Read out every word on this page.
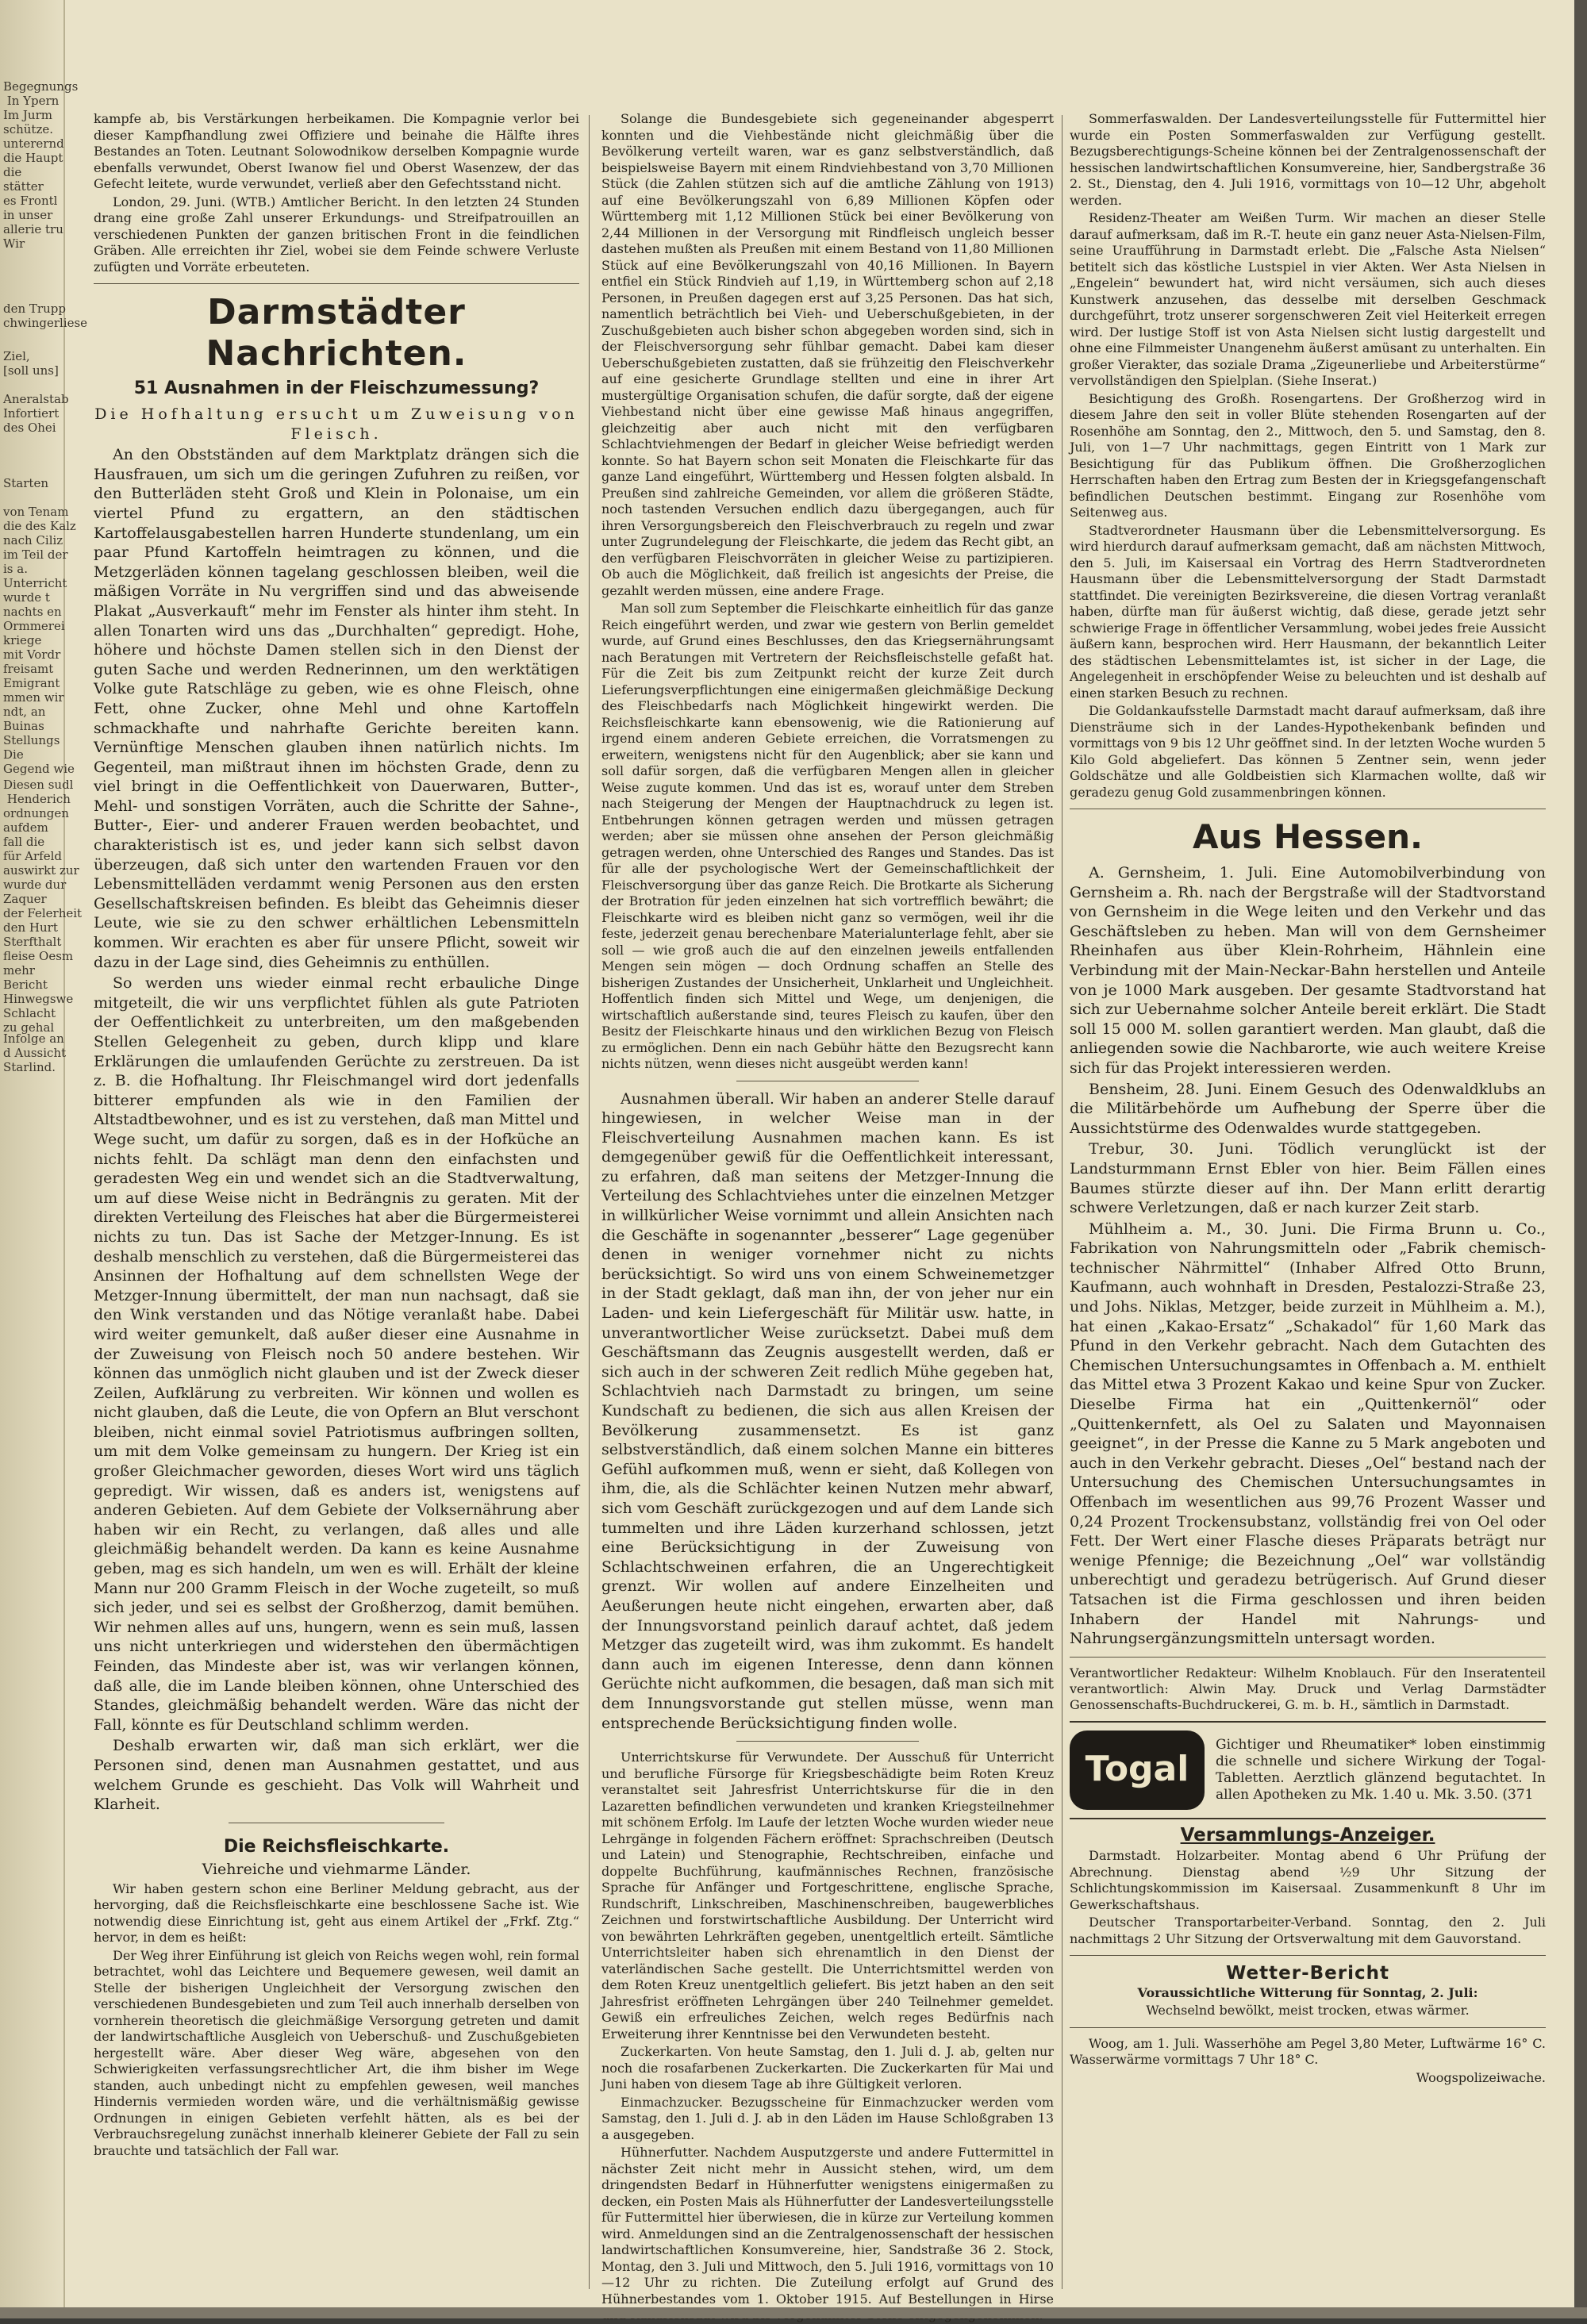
Begegnungs
In Ypern
Im Jurm
schütze.
unterernd
die Haupt
die
stätter
es Frontl
in unser
allerie tru
Wir
den Trupp
chwingerliese
Ziel,
[soll uns]

Aneralstab
Infortiert
des Ohei
Starten

von Tenam
die des Kalz
nach Ciliz
im Teil der
is a.
Unterricht
wurde t
nachts en
Ormmerei
kriege
mit Vordr
freisamt
Emigrant
mmen wir
ndt, an
Buinas
Stellungs
Die
Gegend wie
Diesen sudl
Henderich
ordnungen
aufdem
fall die
für Arfeld
auswirkt zur
wurde dur
Zaquer
der Felerheit
den Hurt
Sterfthalt
fleise Oesm
mehr
Bericht
Hinwegswe
Schlacht
zu gehal
Infolge an
d Aussicht
Starlind.

kampfe ab, bis Verstärkungen herbeikamen. Die Kompagnie verlor bei dieser Kampfhandlung zwei Offiziere und beinahe die Hälfte ihres Bestandes an Toten. Leutnant Solowodnikow derselben Kompagnie wurde ebenfalls verwundet, Oberst Iwanow fiel und Oberst Wasenzew, der das Gefecht leitete, wurde verwundet, verließ aber den Gefechtsstand nicht.

London, 29. Juni. (WTB.) Amtlicher Bericht. In den letzten 24 Stunden drang eine große Zahl unserer Erkundungs- und Streifpatrouillen an verschiedenen Punkten der ganzen britischen Front in die feindlichen Gräben. Alle erreichten ihr Ziel, wobei sie dem Feinde schwere Verluste zufügten und Vorräte erbeuteten.

Darmstädter Nachrichten.
51 Ausnahmen in der Fleischzumessung?

Die Hofhaltung ersucht um Zuweisung von Fleisch.

An den Obstständen auf dem Marktplatz drängen sich die Hausfrauen, um sich um die geringen Zufuhren zu reißen, vor den Butterläden steht Groß und Klein in Polonaise, um ein viertel Pfund zu ergattern, an den städtischen Kartoffelausgabestellen harren Hunderte stundenlang, um ein paar Pfund Kartoffeln heimtragen zu können, und die Metzgerläden können tagelang geschlossen bleiben, weil die mäßigen Vorräte in Nu vergriffen sind und das abweisende Plakat „Ausverkauft“ mehr im Fenster als hinter ihm steht. In allen Tonarten wird uns das „Durchhalten“ gepredigt. Hohe, höhere und höchste Damen stellen sich in den Dienst der guten Sache und werden Rednerinnen, um den werktätigen Volke gute Ratschläge zu geben, wie es ohne Fleisch, ohne Fett, ohne Zucker, ohne Mehl und ohne Kartoffeln schmackhafte und nahrhafte Gerichte bereiten kann. Vernünftige Menschen glauben ihnen natürlich nichts. Im Gegenteil, man mißtraut ihnen im höchsten Grade, denn zu viel bringt in die Oeffentlichkeit von Dauerwaren, Butter-, Mehl- und sonstigen Vorräten, auch die Schritte der Sahne-, Butter-, Eier- und anderer Frauen werden beobachtet, und charakteristisch ist es, und jeder kann sich selbst davon überzeugen, daß sich unter den wartenden Frauen vor den Lebensmittelläden verdammt wenig Personen aus den ersten Gesellschaftskreisen befinden. Es bleibt das Geheimnis dieser Leute, wie sie zu den schwer erhältlichen Lebensmitteln kommen. Wir erachten es aber für unsere Pflicht, soweit wir dazu in der Lage sind, dies Geheimnis zu enthüllen.

So werden uns wieder einmal recht erbauliche Dinge mitgeteilt, die wir uns verpflichtet fühlen als gute Patrioten der Oeffentlichkeit zu unterbreiten, um den maßgebenden Stellen Gelegenheit zu geben, durch klipp und klare Erklärungen die umlaufenden Gerüchte zu zerstreuen. Da ist z. B. die Hofhaltung. Ihr Fleischmangel wird dort jedenfalls bitterer empfunden als wie in den Familien der Altstadtbewohner, und es ist zu verstehen, daß man Mittel und Wege sucht, um dafür zu sorgen, daß es in der Hofküche an nichts fehlt. Da schlägt man denn den einfachsten und geradesten Weg ein und wendet sich an die Stadtverwaltung, um auf diese Weise nicht in Bedrängnis zu geraten. Mit der direkten Verteilung des Fleisches hat aber die Bürgermeisterei nichts zu tun. Das ist Sache der Metzger-Innung. Es ist deshalb menschlich zu verstehen, daß die Bürgermeisterei das Ansinnen der Hofhaltung auf dem schnellsten Wege der Metzger-Innung übermittelt, der man nun nachsagt, daß sie den Wink verstanden und das Nötige veranlaßt habe. Dabei wird weiter gemunkelt, daß außer dieser eine Ausnahme in der Zuweisung von Fleisch noch 50 andere bestehen. Wir können das unmöglich nicht glauben und ist der Zweck dieser Zeilen, Aufklärung zu verbreiten. Wir können und wollen es nicht glauben, daß die Leute, die von Opfern an Blut verschont bleiben, nicht einmal soviel Patriotismus aufbringen sollten, um mit dem Volke gemeinsam zu hungern. Der Krieg ist ein großer Gleichmacher geworden, dieses Wort wird uns täglich gepredigt. Wir wissen, daß es anders ist, wenigstens auf anderen Gebieten. Auf dem Gebiete der Volksernährung aber haben wir ein Recht, zu verlangen, daß alles und alle gleichmäßig behandelt werden. Da kann es keine Ausnahme geben, mag es sich handeln, um wen es will. Erhält der kleine Mann nur 200 Gramm Fleisch in der Woche zugeteilt, so muß sich jeder, und sei es selbst der Großherzog, damit bemühen. Wir nehmen alles auf uns, hungern, wenn es sein muß, lassen uns nicht unterkriegen und widerstehen den übermächtigen Feinden, das Mindeste aber ist, was wir verlangen können, daß alle, die im Lande bleiben können, ohne Unterschied des Standes, gleichmäßig behandelt werden. Wäre das nicht der Fall, könnte es für Deutschland schlimm werden.

Deshalb erwarten wir, daß man sich erklärt, wer die Personen sind, denen man Ausnahmen gestattet, und aus welchem Grunde es geschieht. Das Volk will Wahrheit und Klarheit.

Die Reichsfleischkarte.

Viehreiche und viehmarme Länder.

Wir haben gestern schon eine Berliner Meldung gebracht, aus der hervorging, daß die Reichsfleischkarte eine beschlossene Sache ist. Wie notwendig diese Einrichtung ist, geht aus einem Artikel der „Frkf. Ztg.“ hervor, in dem es heißt:

Der Weg ihrer Einführung ist gleich von Reichs wegen wohl, rein formal betrachtet, wohl das Leichtere und Bequemere gewesen, weil damit an Stelle der bisherigen Ungleichheit der Versorgung zwischen den verschiedenen Bundesgebieten und zum Teil auch innerhalb derselben von vornherein theoretisch die gleichmäßige Versorgung getreten und damit der landwirtschaftliche Ausgleich von Ueberschuß- und Zuschußgebieten hergestellt wäre. Aber dieser Weg wäre, abgesehen von den Schwierigkeiten verfassungsrechtlicher Art, die ihm bisher im Wege standen, auch unbedingt nicht zu empfehlen gewesen, weil manches Hindernis vermieden worden wäre, und die verhältnismäßig gewisse Ordnungen in einigen Gebieten verfehlt hätten, als es bei der Verbrauchsregelung zunächst innerhalb kleinerer Gebiete der Fall zu sein brauchte und tatsächlich der Fall war.

Solange die Bundesgebiete sich gegeneinander abgesperrt konnten und die Viehbestände nicht gleichmäßig über die Bevölkerung verteilt waren, war es ganz selbstverständlich, daß beispielsweise Bayern mit einem Rindviehbestand von 3,70 Millionen Stück (die Zahlen stützen sich auf die amtliche Zählung von 1913) auf eine Bevölkerungszahl von 6,89 Millionen Köpfen oder Württemberg mit 1,12 Millionen Stück bei einer Bevölkerung von 2,44 Millionen in der Versorgung mit Rindfleisch ungleich besser dastehen mußten als Preußen mit einem Bestand von 11,80 Millionen Stück auf eine Bevölkerungszahl von 40,16 Millionen. In Bayern entfiel ein Stück Rindvieh auf 1,19, in Württemberg schon auf 2,18 Personen, in Preußen dagegen erst auf 3,25 Personen. Das hat sich, namentlich beträchtlich bei Vieh- und Ueberschußgebieten, in der Zuschußgebieten auch bisher schon abgegeben worden sind, sich in der Fleischversorgung sehr fühlbar gemacht. Dabei kam dieser Ueberschußgebieten zustatten, daß sie frühzeitig den Fleischverkehr auf eine gesicherte Grundlage stellten und eine in ihrer Art mustergültige Organisation schufen, die dafür sorgte, daß der eigene Viehbestand nicht über eine gewisse Maß hinaus angegriffen, gleichzeitig aber auch nicht mit den verfügbaren Schlachtviehmengen der Bedarf in gleicher Weise befriedigt werden konnte. So hat Bayern schon seit Monaten die Fleischkarte für das ganze Land eingeführt, Württemberg und Hessen folgten alsbald. In Preußen sind zahlreiche Gemeinden, vor allem die größeren Städte, noch tastenden Versuchen endlich dazu übergegangen, auch für ihren Versorgungsbereich den Fleischverbrauch zu regeln und zwar unter Zugrundelegung der Fleischkarte, die jedem das Recht gibt, an den verfügbaren Fleischvorräten in gleicher Weise zu partizipieren. Ob auch die Möglichkeit, daß freilich ist angesichts der Preise, die gezahlt werden müssen, eine andere Frage.

Man soll zum September die Fleischkarte einheitlich für das ganze Reich eingeführt werden, und zwar wie gestern von Berlin gemeldet wurde, auf Grund eines Beschlusses, den das Kriegsernährungsamt nach Beratungen mit Vertretern der Reichsfleischstelle gefaßt hat. Für die Zeit bis zum Zeitpunkt reicht der kurze Zeit durch Lieferungsverpflichtungen eine einigermaßen gleichmäßige Deckung des Fleischbedarfs nach Möglichkeit hingewirkt werden. Die Reichsfleischkarte kann ebensowenig, wie die Rationierung auf irgend einem anderen Gebiete erreichen, die Vorratsmengen zu erweitern, wenigstens nicht für den Augenblick; aber sie kann und soll dafür sorgen, daß die verfügbaren Mengen allen in gleicher Weise zugute kommen. Und das ist es, worauf unter dem Streben nach Steigerung der Mengen der Hauptnachdruck zu legen ist. Entbehrungen können getragen werden und müssen getragen werden; aber sie müssen ohne ansehen der Person gleichmäßig getragen werden, ohne Unterschied des Ranges und Standes. Das ist für alle der psychologische Wert der Gemeinschaftlichkeit der Fleischversorgung über das ganze Reich. Die Brotkarte als Sicherung der Brotration für jeden einzelnen hat sich vortrefflich bewährt; die Fleischkarte wird es bleiben nicht ganz so vermögen, weil ihr die feste, jederzeit genau berechenbare Materialunterlage fehlt, aber sie soll — wie groß auch die auf den einzelnen jeweils entfallenden Mengen sein mögen — doch Ordnung schaffen an Stelle des bisherigen Zustandes der Unsicherheit, Unklarheit und Ungleichheit. Hoffentlich finden sich Mittel und Wege, um denjenigen, die wirtschaftlich außerstande sind, teures Fleisch zu kaufen, über den Besitz der Fleischkarte hinaus und den wirklichen Bezug von Fleisch zu ermöglichen. Denn ein nach Gebühr hätte den Bezugsrecht kann nichts nützen, wenn dieses nicht ausgeübt werden kann!

Ausnahmen überall. Wir haben an anderer Stelle darauf hingewiesen, in welcher Weise man in der Fleischverteilung Ausnahmen machen kann. Es ist demgegenüber gewiß für die Oeffentlichkeit interessant, zu erfahren, daß man seitens der Metzger-Innung die Verteilung des Schlachtviehes unter die einzelnen Metzger in willkürlicher Weise vornimmt und allein Ansichten nach die Geschäfte in sogenannter „besserer“ Lage gegenüber denen in weniger vornehmer nicht zu nichts berücksichtigt. So wird uns von einem Schweinemetzger in der Stadt geklagt, daß man ihn, der von jeher nur ein Laden- und kein Liefergeschäft für Militär usw. hatte, in unverantwortlicher Weise zurücksetzt. Dabei muß dem Geschäftsmann das Zeugnis ausgestellt werden, daß er sich auch in der schweren Zeit redlich Mühe gegeben hat, Schlachtvieh nach Darmstadt zu bringen, um seine Kundschaft zu bedienen, die sich aus allen Kreisen der Bevölkerung zusammensetzt. Es ist ganz selbstverständlich, daß einem solchen Manne ein bitteres Gefühl aufkommen muß, wenn er sieht, daß Kollegen von ihm, die, als die Schlächter keinen Nutzen mehr abwarf, sich vom Geschäft zurückgezogen und auf dem Lande sich tummelten und ihre Läden kurzerhand schlossen, jetzt eine Berücksichtigung in der Zuweisung von Schlachtschweinen erfahren, die an Ungerechtigkeit grenzt. Wir wollen auf andere Einzelheiten und Aeußerungen heute nicht eingehen, erwarten aber, daß der Innungsvorstand peinlich darauf achtet, daß jedem Metzger das zugeteilt wird, was ihm zukommt. Es handelt dann auch im eigenen Interesse, denn dann können Gerüchte nicht aufkommen, die besagen, daß man sich mit dem Innungsvorstande gut stellen müsse, wenn man entsprechende Berücksichtigung finden wolle.

Unterrichtskurse für Verwundete. Der Ausschuß für Unterricht und berufliche Fürsorge für Kriegsbeschädigte beim Roten Kreuz veranstaltet seit Jahresfrist Unterrichtskurse für die in den Lazaretten befindlichen verwundeten und kranken Kriegsteilnehmer mit schönem Erfolg. Im Laufe der letzten Woche wurden wieder neue Lehrgänge in folgenden Fächern eröffnet: Sprachschreiben (Deutsch und Latein) und Stenographie, Rechtschreiben, einfache und doppelte Buchführung, kaufmännisches Rechnen, französische Sprache für Anfänger und Fortgeschrittene, englische Sprache, Rundschrift, Linkschreiben, Maschinenschreiben, baugewerbliches Zeichnen und forstwirtschaftliche Ausbildung. Der Unterricht wird von bewährten Lehrkräften gegeben, unentgeltlich erteilt. Sämtliche Unterrichtsleiter haben sich ehrenamtlich in den Dienst der vaterländischen Sache gestellt. Die Unterrichtsmittel werden von dem Roten Kreuz unentgeltlich geliefert. Bis jetzt haben an den seit Jahresfrist eröffneten Lehrgängen über 240 Teilnehmer gemeldet. Gewiß ein erfreuliches Zeichen, welch reges Bedürfnis nach Erweiterung ihrer Kenntnisse bei den Verwundeten besteht.

Zuckerkarten. Von heute Samstag, den 1. Juli d. J. ab, gelten nur noch die rosafarbenen Zuckerkarten. Die Zuckerkarten für Mai und Juni haben von diesem Tage ab ihre Gültigkeit verloren.

Einmachzucker. Bezugsscheine für Einmachzucker werden vom Samstag, den 1. Juli d. J. ab in den Läden im Hause Schloßgraben 13 a ausgegeben.

Hühnerfutter. Nachdem Ausputzgerste und andere Futtermittel in nächster Zeit nicht mehr in Aussicht stehen, wird, um dem dringendsten Bedarf in Hühnerfutter wenigstens einigermaßen zu decken, ein Posten Mais als Hühnerfutter der Landesverteilungsstelle für Futtermittel hier überwiesen, die in kürze zur Verteilung kommen wird. Anmeldungen sind an die Zentralgenossenschaft der hessischen landwirtschaftlichen Konsumvereine, hier, Sandstraße 36 2. Stock, Montag, den 3. Juli und Mittwoch, den 5. Juli 1916, vormittags von 10—12 Uhr zu richten. Die Zuteilung erfolgt auf Grund des Hühnerbestandes vom 1. Oktober 1915. Auf Bestellungen in Hirse

Sommerfaswalden. Der Landesverteilungsstelle für Futtermittel hier wurde ein Posten Sommerfaswalden zur Verfügung gestellt. Bezugsberechtigungs-Scheine können bei der Zentralgenossenschaft der hessischen landwirtschaftlichen Konsumvereine, hier, Sandbergstraße 36 2. St., Dienstag, den 4. Juli 1916, vormittags von 10—12 Uhr, abgeholt werden.

Residenz-Theater am Weißen Turm. Wir machen an dieser Stelle darauf aufmerksam, daß im R.-T. heute ein ganz neuer Asta-Nielsen-Film, seine Uraufführung in Darmstadt erlebt. Die „Falsche Asta Nielsen“ betitelt sich das köstliche Lustspiel in vier Akten. Wer Asta Nielsen in „Engelein“ bewundert hat, wird nicht versäumen, sich auch dieses Kunstwerk anzusehen, das desselbe mit derselben Geschmack durchgeführt, trotz unserer sorgenschweren Zeit viel Heiterkeit erregen wird. Der lustige Stoff ist von Asta Nielsen sicht lustig dargestellt und ohne eine Filmmeister Unangenehm äußerst amüsant zu unterhalten. Ein großer Vierakter, das soziale Drama „Zigeunerliebe und Arbeiterstürme“ vervollständigen den Spielplan. (Siehe Inserat.)

Besichtigung des Großh. Rosengartens. Der Großherzog wird in diesem Jahre den seit in voller Blüte stehenden Rosengarten auf der Rosenhöhe am Sonntag, den 2., Mittwoch, den 5. und Samstag, den 8. Juli, von 1—7 Uhr nachmittags, gegen Eintritt von 1 Mark zur Besichtigung für das Publikum öffnen. Die Großherzoglichen Herrschaften haben den Ertrag zum Besten der in Kriegsgefangenschaft befindlichen Deutschen bestimmt. Eingang zur Rosenhöhe vom Seitenweg aus.

Stadtverordneter Hausmann über die Lebensmittelversorgung. Es wird hierdurch darauf aufmerksam gemacht, daß am nächsten Mittwoch, den 5. Juli, im Kaisersaal ein Vortrag des Herrn Stadtverordneten Hausmann über die Lebensmittelversorgung der Stadt Darmstadt stattfindet. Die vereinigten Bezirksvereine, die diesen Vortrag veranlaßt haben, dürfte man für äußerst wichtig, daß diese, gerade jetzt sehr schwierige Frage in öffentlicher Versammlung, wobei jedes freie Aussicht äußern kann, besprochen wird. Herr Hausmann, der bekanntlich Leiter des städtischen Lebensmittelamtes ist, ist sicher in der Lage, die Angelegenheit in erschöpfender Weise zu beleuchten und ist deshalb auf einen starken Besuch zu rechnen.

Die Goldankaufsstelle Darmstadt macht darauf aufmerksam, daß ihre Diensträume sich in der Landes-Hypothekenbank befinden und vormittags von 9 bis 12 Uhr geöffnet sind. In der letzten Woche wurden 5 Kilo Gold abgeliefert. Das können 5 Zentner sein, wenn jeder Goldschätze und alle Goldbeistien sich Klarmachen wollte, daß wir geradezu genug Gold zusammenbringen können.

Aus Hessen.

A. Gernsheim, 1. Juli. Eine Automobilverbindung von Gernsheim a. Rh. nach der Bergstraße will der Stadtvorstand von Gernsheim in die Wege leiten und den Verkehr und das Geschäftsleben zu heben. Man will von dem Gernsheimer Rheinhafen aus über Klein-Rohrheim, Hähnlein eine Verbindung mit der Main-Neckar-Bahn herstellen und Anteile von je 1000 Mark ausgeben. Der gesamte Stadtvorstand hat sich zur Uebernahme solcher Anteile bereit erklärt. Die Stadt soll 15 000 M. sollen garantiert werden. Man glaubt, daß die anliegenden sowie die Nachbarorte, wie auch weitere Kreise sich für das Projekt interessieren werden.

Bensheim, 28. Juni. Einem Gesuch des Odenwaldklubs an die Militärbehörde um Aufhebung der Sperre über die Aussichtstürme des Odenwaldes wurde stattgegeben.

Trebur, 30. Juni. Tödlich verunglückt ist der Landsturmmann Ernst Ebler von hier. Beim Fällen eines Baumes stürzte dieser auf ihn. Der Mann erlitt derartig schwere Verletzungen, daß er nach kurzer Zeit starb.

Mühlheim a. M., 30. Juni. Die Firma Brunn u. Co., Fabrikation von Nahrungsmitteln oder „Fabrik chemisch-technischer Nährmittel“ (Inhaber Alfred Otto Brunn, Kaufmann, auch wohnhaft in Dresden, Pestalozzi-Straße 23, und Johs. Niklas, Metzger, beide zurzeit in Mühlheim a. M.), hat einen „Kakao-Ersatz“ „Schakadol“ für 1,60 Mark das Pfund in den Verkehr gebracht. Nach dem Gutachten des Chemischen Untersuchungsamtes in Offenbach a. M. enthielt das Mittel etwa 3 Prozent Kakao und keine Spur von Zucker. Dieselbe Firma hat ein „Quittenkernöl“ oder „Quittenkernfett, als Oel zu Salaten und Mayonnaisen geeignet“, in der Presse die Kanne zu 5 Mark angeboten und auch in den Verkehr gebracht. Dieses „Oel“ bestand nach der Untersuchung des Chemischen Untersuchungsamtes in Offenbach im wesentlichen aus 99,76 Prozent Wasser und 0,24 Prozent Trockensubstanz, vollständig frei von Oel oder Fett. Der Wert einer Flasche dieses Präparats beträgt nur wenige Pfennige; die Bezeichnung „Oel“ war vollständig unberechtigt und geradezu betrügerisch. Auf Grund dieser Tatsachen ist die Firma geschlossen und ihren beiden Inhabern der Handel mit Nahrungs- und Nahrungsergänzungsmitteln untersagt worden.

Verantwortlicher Redakteur: Wilhelm Knoblauch. Für den Inseratenteil verantwortlich: Alwin May. Druck und Verlag Darmstädter Genossenschafts-Buchdruckerei, G. m. b. H., sämtlich in Darmstadt.

Togal
Gichtiger und Rheumatiker* loben einstimmig die schnelle und sichere Wirkung der Togal-Tabletten. Aerztlich glänzend begutachtet. In allen Apotheken zu Mk. 1.40 u. Mk. 3.50. (371
Versammlungs-Anzeiger.

Darmstadt. Holzarbeiter. Montag abend 6 Uhr Prüfung der Abrechnung. Dienstag abend ½9 Uhr Sitzung der Schlichtungskommission im Kaisersaal. Zusammenkunft 8 Uhr im Gewerkschaftshaus.

Deutscher Transportarbeiter-Verband. Sonntag, den 2. Juli nachmittags 2 Uhr Sitzung der Ortsverwaltung mit dem Gauvorstand.

Wetter-Bericht

Voraussichtliche Witterung für Sonntag, 2. Juli:

Wechselnd bewölkt, meist trocken, etwas wärmer.

Woog, am 1. Juli. Wasserhöhe am Pegel 3,80 Meter, Luftwärme 16° C. Wasserwärme vormittags 7 Uhr 18° C.

Woogspolizeiwache.
